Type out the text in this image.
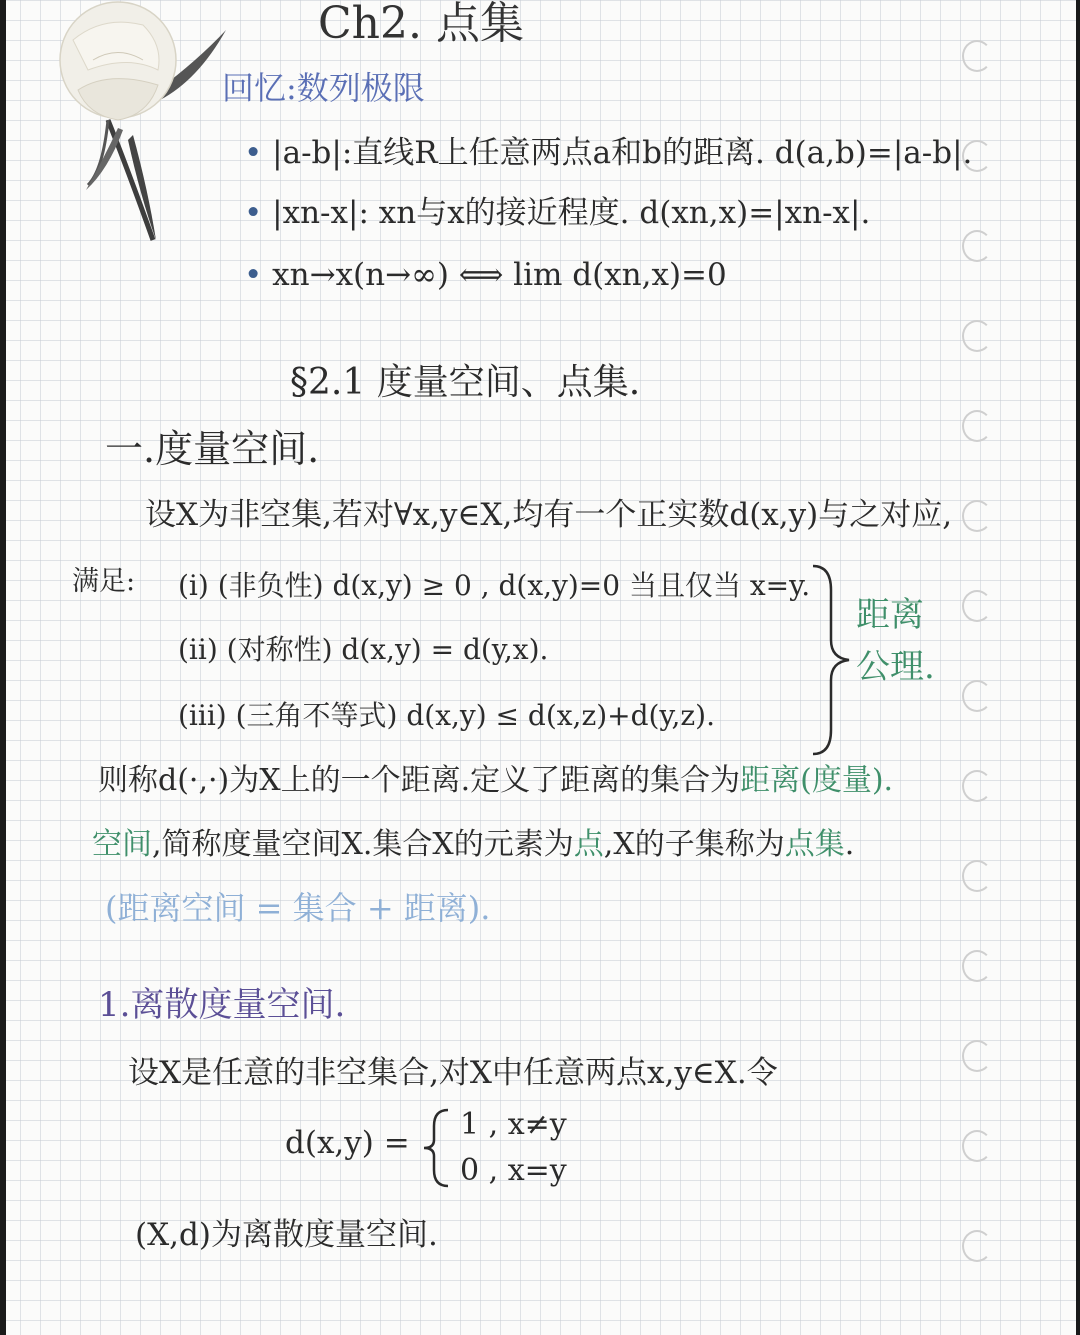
Ch2. 点集
回忆:数列极限
• |a-b|:直线R上任意两点a和b的距离. d(a,b)=|a-b|.
• |xn-x|: xn与x的接近程度. d(xn,x)=|xn-x|.
• xn→x(n→∞) ⟺ lim d(xn,x)=0
§2.1 度量空间、点集.
一.度量空间.
设X为非空集,若对∀x,y∈X,均有一个正实数d(x,y)与之对应,
满足: (i) (非负性) d(x,y) ≥ 0 , d(x,y)=0 当且仅当 x=y.
(ii) (对称性) d(x,y) = d(y,x).
(iii) (三角不等式) d(x,y) ≤ d(x,z)+d(y,z).
距离
公理.
则称d(·,·)为X上的一个距离.定义了距离的集合为距离(度量).
空间,简称度量空间X.集合X的元素为点,X的子集称为点集.
(距离空间 = 集合 + 距离).
1.离散度量空间.
设X是任意的非空集合,对X中任意两点x,y∈X.令
d(x,y) =
1 , x≠y
0 , x=y
(X,d)为离散度量空间.
